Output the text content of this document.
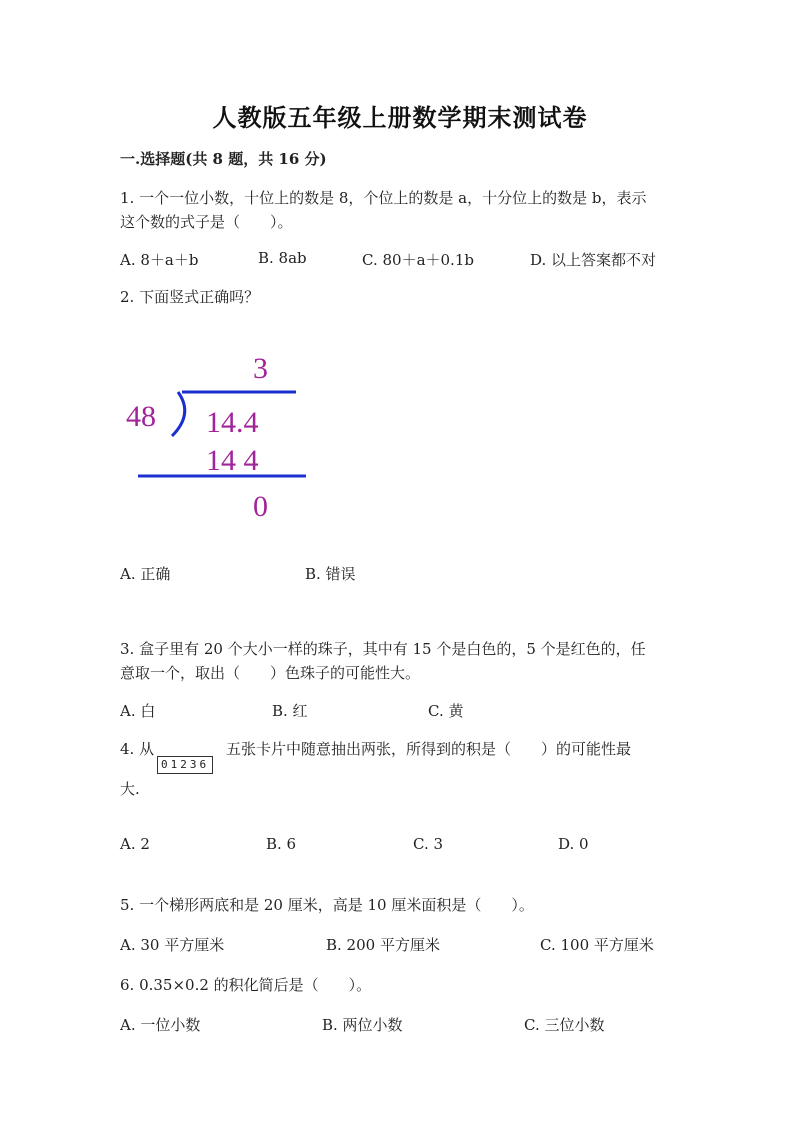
人教版五年级上册数学期末测试卷
一.选择题(共 8 题，共 16 分)
1. 一个一位小数，十位上的数是 8，个位上的数是 a，十分位上的数是 b，表示
这个数的式子是（　　）。
A. 8＋a＋b	B. 8ab	C. 80＋a＋0.1b	D. 以上答案都不对
2. 下面竖式正确吗？
3
48 14.4
14 4
0
A. 正确	B. 错误
3. 盒子里有 20 个大小一样的珠子，其中有 15 个是白色的，5 个是红色的，任
意取一个，取出（　　）色珠子的可能性大。
A. 白	B. 红	C. 黄
4. 从
01236
五张卡片中随意抽出两张，所得到的积是（　　）的可能性最
大.
A. 2	B. 6	C. 3	D. 0
5. 一个梯形两底和是 20 厘米，高是 10 厘米面积是（　　）。
A. 30 平方厘米	B. 200 平方厘米	C. 100 平方厘米
6. 0.35×0.2 的积化简后是（　　）。
A. 一位小数	B. 两位小数	C. 三位小数
